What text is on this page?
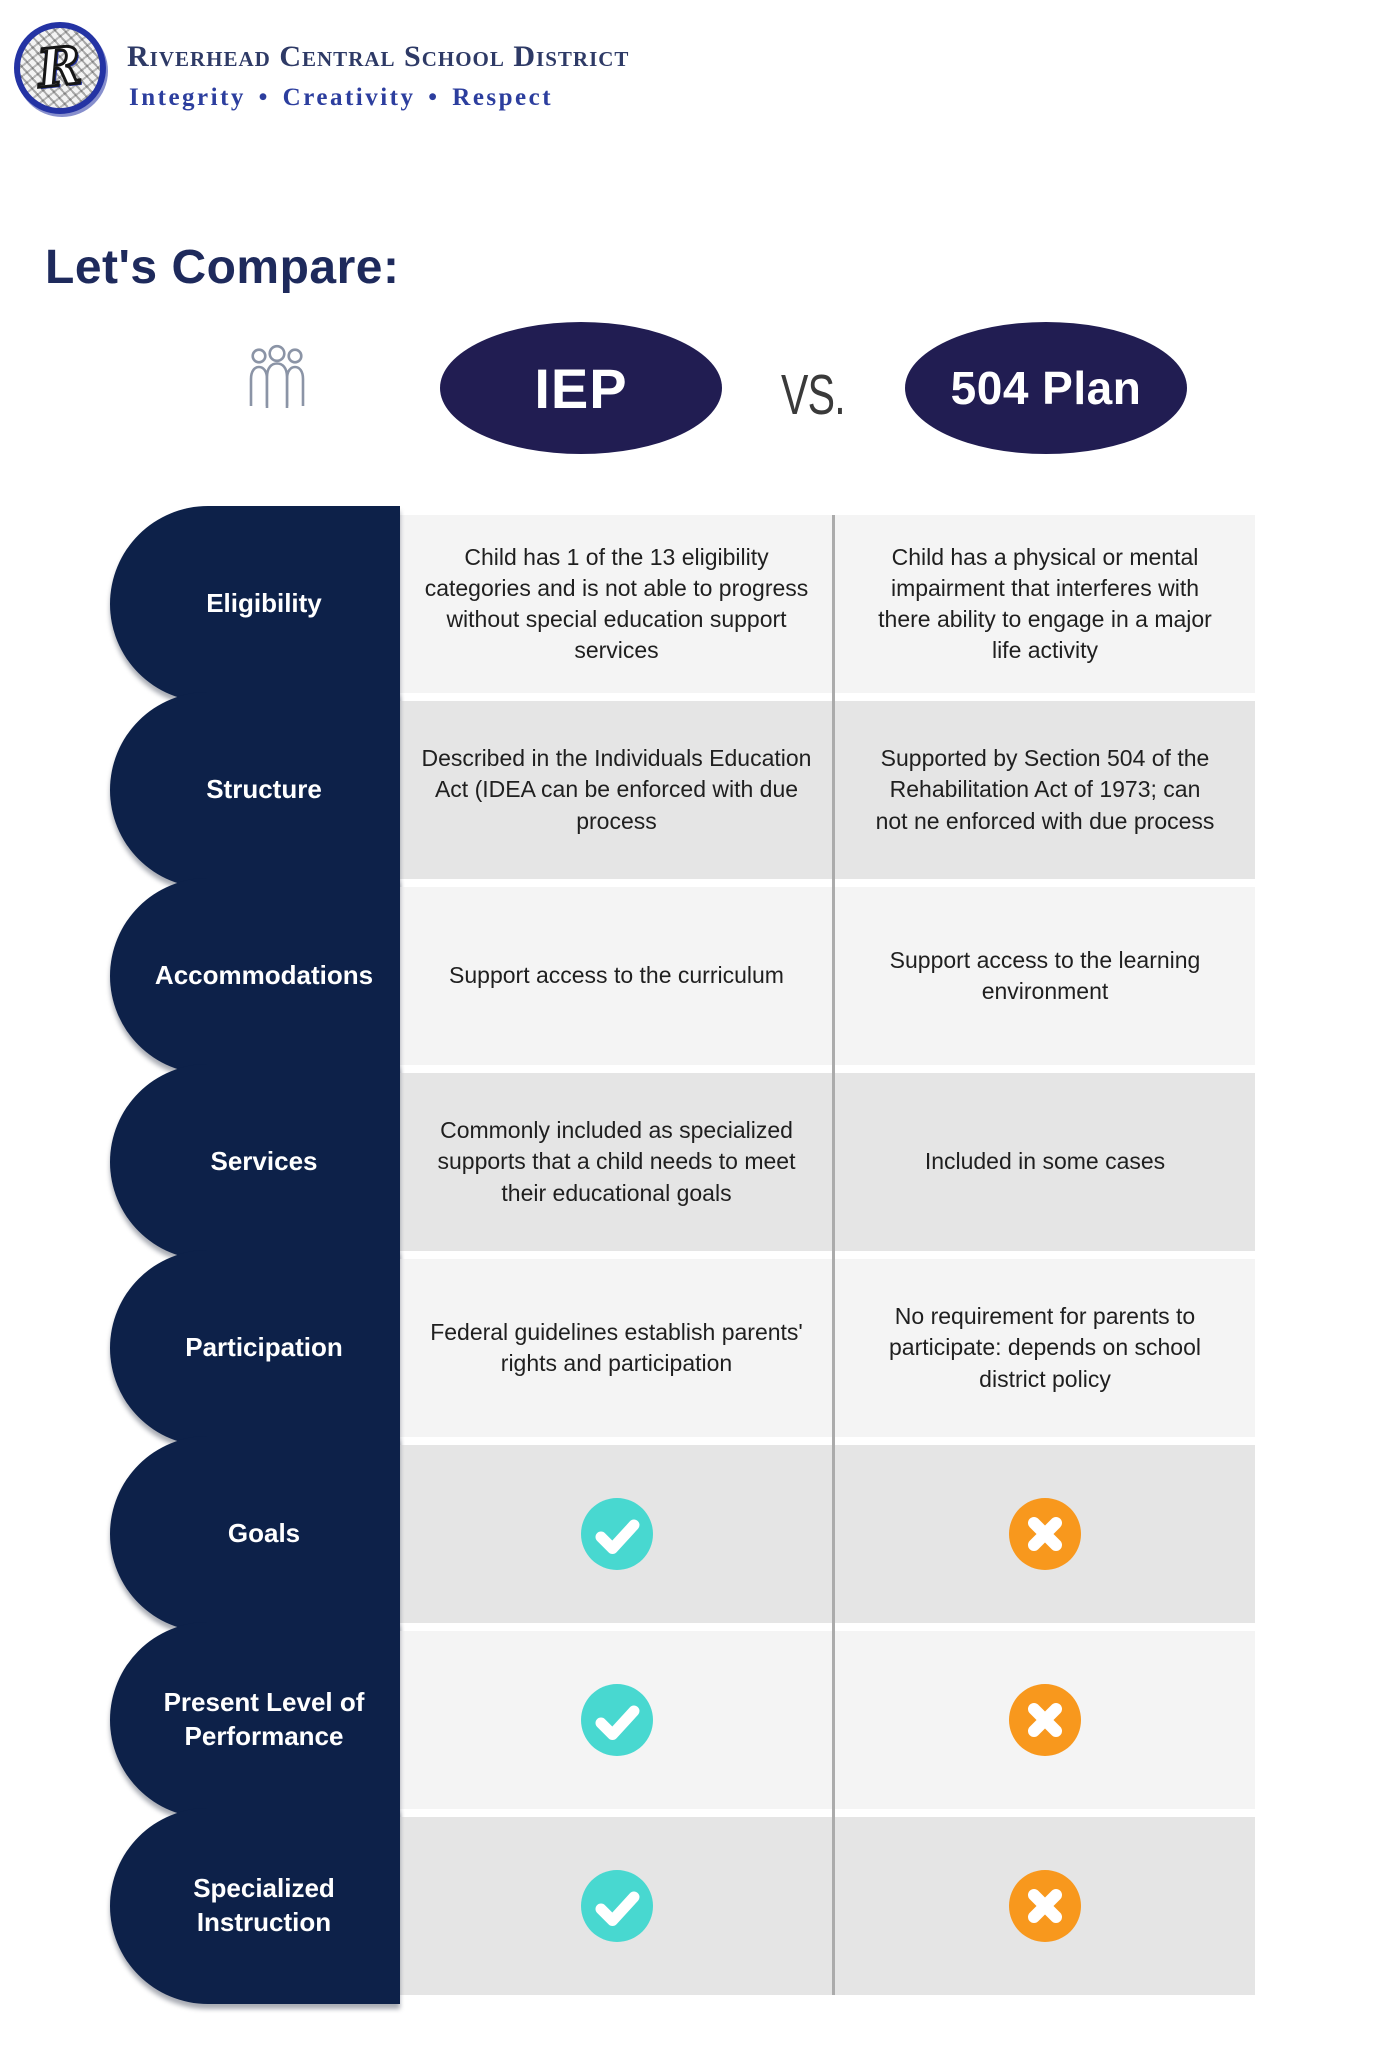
R Riverhead Central School District
Integrity • Creativity • Respect
Let's Compare:
IEP	VS.	504 Plan
Child has 1 of the 13 eligibility categories and is not able to progress without special education support services
Child has a physical or mental impairment that interferes with there ability to engage in a major life activity
Eligibility
Described in the Individuals Education Act (IDEA can be enforced with due process
Supported by Section 504 of the Rehabilitation Act of 1973; can not ne enforced with due process
Structure
Support access to the curriculum
Support access to the learning environment
Accommodations
Commonly included as specialized supports that a child needs to meet their educational goals
Included in some cases
Services
Federal guidelines establish parents' rights and participation
No requirement for parents to participate: depends on school district policy
Participation
Goals
Present Level of Performance
Specialized Instruction
